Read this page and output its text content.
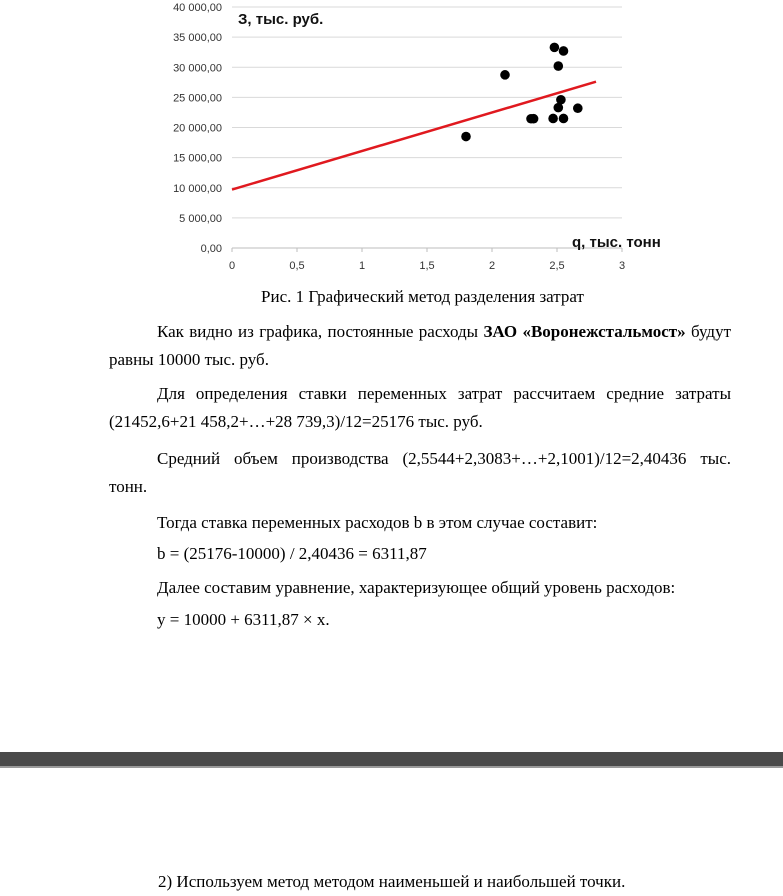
0,00
5 000,00
10 000,00
15 000,00
20 000,00
25 000,00
30 000,00
35 000,00
40 000,00
0	0,5	1	1,5	2	2,5	3
З, тыс. руб.
q, тыс. тонн
Рис. 1 Графический метод разделения затрат
Как видно из графика, постоянные расходы ЗАО «Воронежстальмост» будут равны 10000 тыс. руб.
Для определения ставки переменных затрат рассчитаем средние затраты (21452,6+21 458,2+…+28 739,3)/12=25176 тыс. руб.
Средний объем производства (2,5544+2,3083+…+2,1001)/12=2,40436 тыс. тонн.
Тогда ставка переменных расходов b в этом случае составит:
b = (25176-10000) / 2,40436 = 6311,87
Далее составим уравнение, характеризующее общий уровень расходов:
у = 10000 + 6311,87 × х.
2) Используем метод методом наименьшей и наибольшей точки.
